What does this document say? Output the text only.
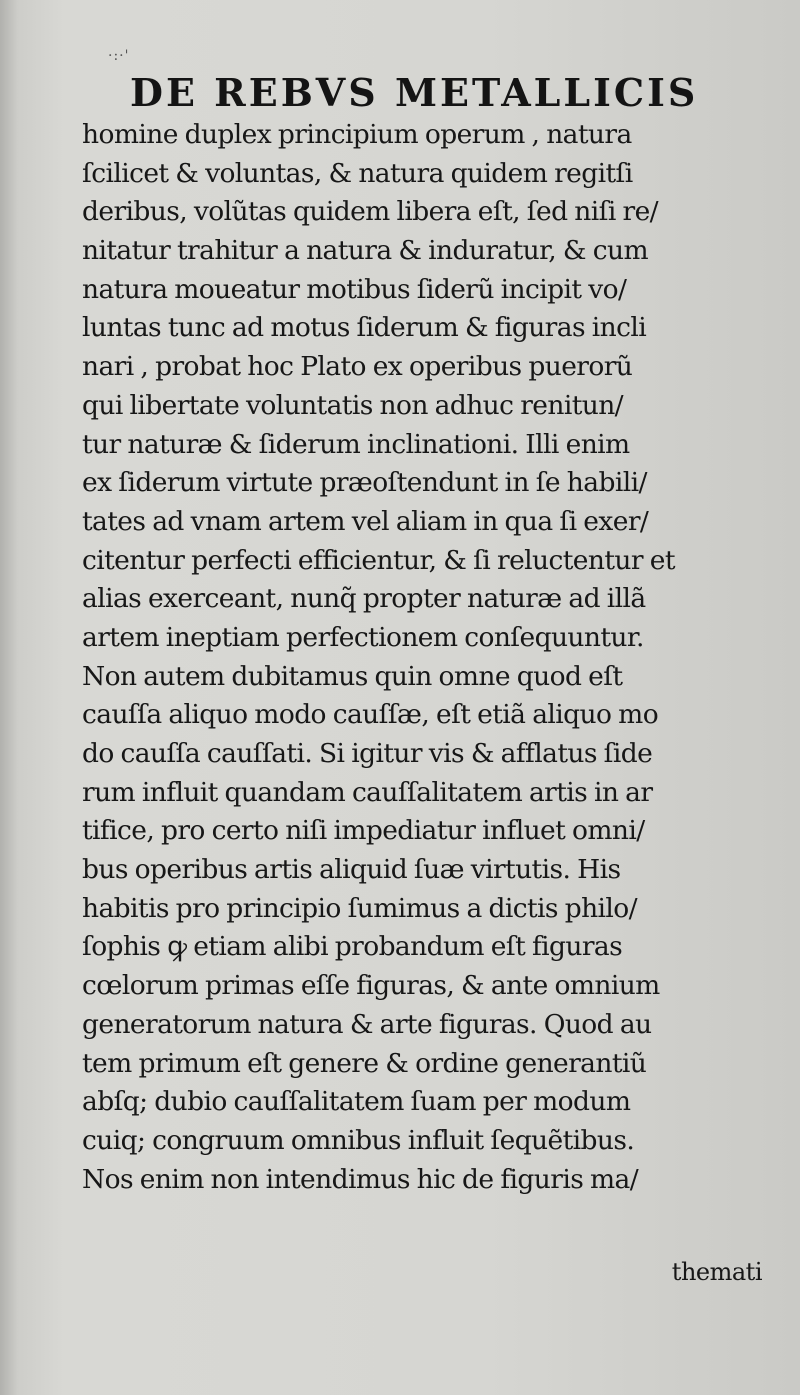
·:·'
DE REBVS METALLICIS
homine duplex principium operum , natura
ſcilicet & voluntas, & natura quidem regitſi
deribus, volũtas quidem libera eſt, ſed niſi re/
nitatur trahitur a natura & induratur, & cum
natura moueatur motibus ſiderũ incipit vo/
luntas tunc ad motus ſiderum & figuras incli
nari , probat hoc Plato ex operibus puerorũ
qui libertate voluntatis non adhuc renitun/
tur naturæ & ſiderum inclinationi. Illi enim
ex ſiderum virtute præoſtendunt in ſe habili/
tates ad vnam artem vel aliam in qua ſi exer/
citentur perfecti efficientur, & ſi reluctentur et
alias exerceant, nunq̃ propter naturæ ad illã
artem ineptiam perfectionem conſequuntur.
Non autem dubitamus quin omne quod eſt
cauſſa aliquo modo cauſſæ, eſt etiã aliquo mo
do cauſſa cauſſati. Si igitur vis & afflatus ſide
rum influit quandam cauſſalitatem artis in ar
tifice, pro certo niſi impediatur influet omni/
bus operibus artis aliquid ſuæ virtutis. His
habitis pro principio ſumimus a dictis philo/
ſophis ꝙ etiam alibi probandum eſt figuras
cœlorum primas eſſe figuras, & ante omnium
generatorum natura & arte figuras. Quod au
tem primum eſt genere & ordine generantiũ
abſq; dubio cauſſalitatem ſuam per modum
cuiq; congruum omnibus influit ſequẽtibus.
Nos enim non intendimus hic de figuris ma/
themati
